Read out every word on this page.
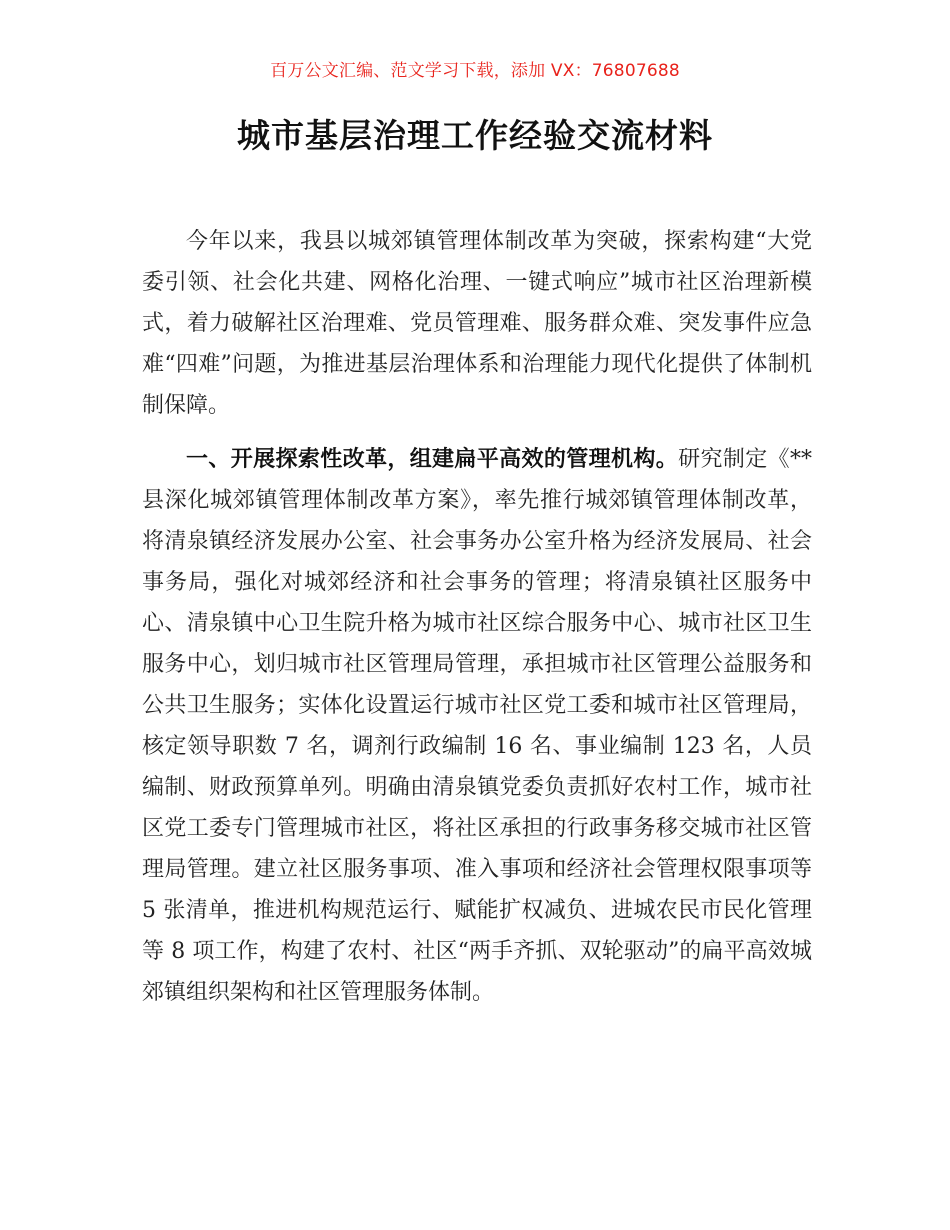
百万公文汇编、范文学习下载，添加 VX：76807688
城市基层治理工作经验交流材料

今年以来，我县以城郊镇管理体制改革为突破，探索构建“大党委引领、社会化共建、网格化治理、一键式响应”城市社区治理新模式，着力破解社区治理难、党员管理难、服务群众难、突发事件应急难“四难”问题，为推进基层治理体系和治理能力现代化提供了体制机制保障。

一、开展探索性改革，组建扁平高效的管理机构。研究制定《**县深化城郊镇管理体制改革方案》，率先推行城郊镇管理体制改革，将清泉镇经济发展办公室、社会事务办公室升格为经济发展局、社会事务局，强化对城郊经济和社会事务的管理；将清泉镇社区服务中心、清泉镇中心卫生院升格为城市社区综合服务中心、城市社区卫生服务中心，划归城市社区管理局管理，承担城市社区管理公益服务和公共卫生服务；实体化设置运行城市社区党工委和城市社区管理局，核定领导职数 7 名，调剂行政编制 16 名、事业编制 123 名，人员编制、财政预算单列。明确由清泉镇党委负责抓好农村工作，城市社区党工委专门管理城市社区，将社区承担的行政事务移交城市社区管理局管理。建立社区服务事项、准入事项和经济社会管理权限事项等 5 张清单，推进机构规范运行、赋能扩权减负、进城农民市民化管理等 8 项工作，构建了农村、社区“两手齐抓、双轮驱动”的扁平高效城郊镇组织架构和社区管理服务体制。
